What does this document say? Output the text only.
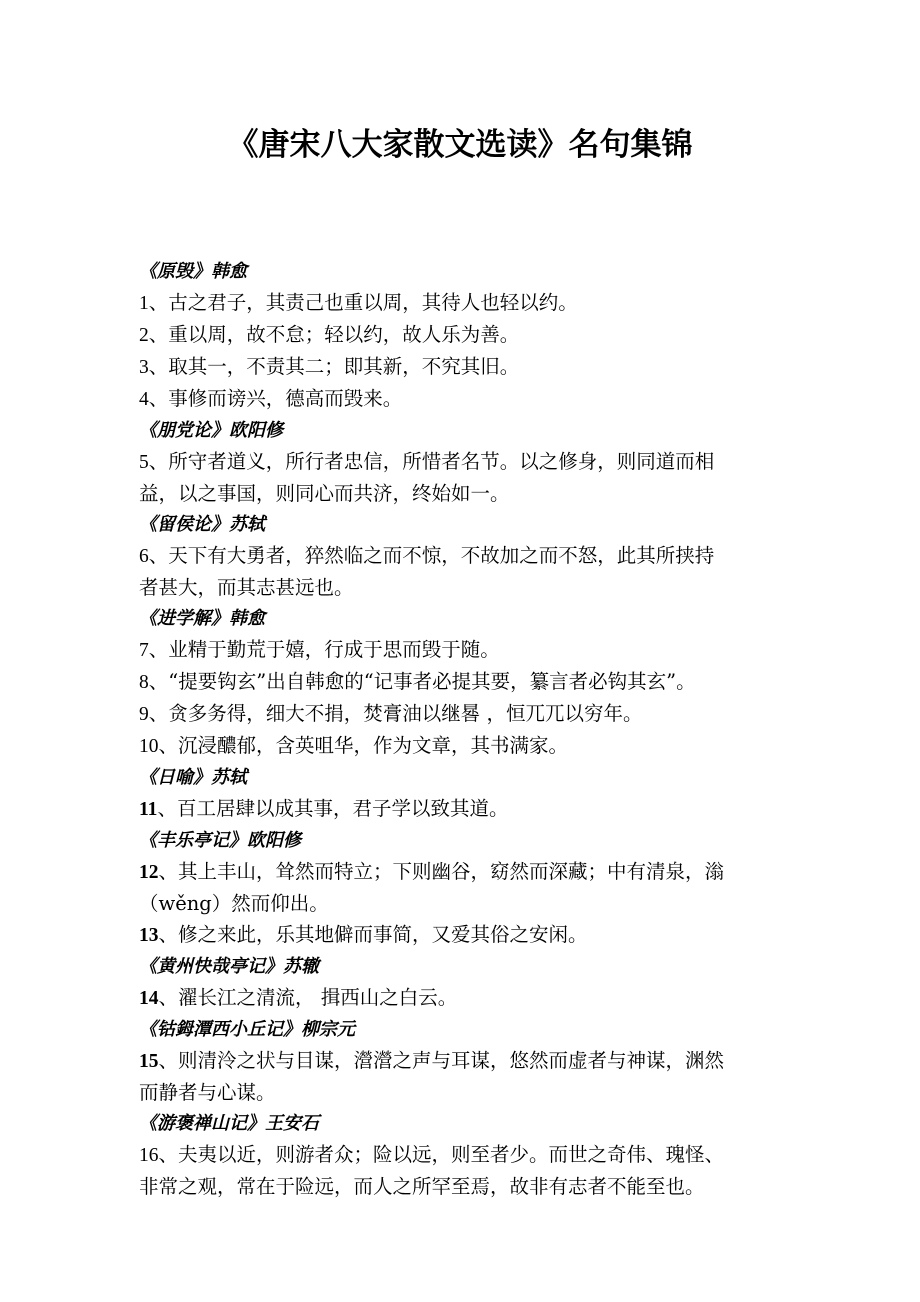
《唐宋八大家散文选读》名句集锦
《原毁》韩愈
1、古之君子，其责己也重以周，其待人也轻以约。
2、重以周，故不怠；轻以约，故人乐为善。
3、取其一，不责其二；即其新，不究其旧。
4、事修而谤兴，德高而毁来。
《朋党论》欧阳修
5、所守者道义，所行者忠信，所惜者名节。以之修身，则同道而相
益，以之事国，则同心而共济，终始如一。
《留侯论》苏轼
6、天下有大勇者，猝然临之而不惊，不故加之而不怒，此其所挟持
者甚大，而其志甚远也。
《进学解》韩愈
7、业精于勤荒于嬉，行成于思而毁于随。
8、“提要钩玄”出自韩愈的“记事者必提其要，纂言者必钩其玄”。
9、贪多务得，细大不捐，焚膏油以继晷 ，恒兀兀以穷年。
10、沉浸醲郁，含英咀华，作为文章，其书满家。
《日喻》苏轼
11、百工居肆以成其事，君子学以致其道。
《丰乐亭记》欧阳修
12、其上丰山，耸然而特立；下则幽谷，窈然而深藏；中有清泉，滃
（wěng）然而仰出。
13、修之来此，乐其地僻而事简，又爱其俗之安闲。
《黄州快哉亭记》苏辙
14、濯长江之清流， 揖西山之白云。
《钴鉧潭西小丘记》柳宗元
15、则清泠之状与目谋，瀯瀯之声与耳谋，悠然而虚者与神谋，渊然
而静者与心谋。
《游褒禅山记》王安石
16、夫夷以近，则游者众；险以远，则至者少。而世之奇伟、瑰怪、
非常之观，常在于险远，而人之所罕至焉，故非有志者不能至也。
